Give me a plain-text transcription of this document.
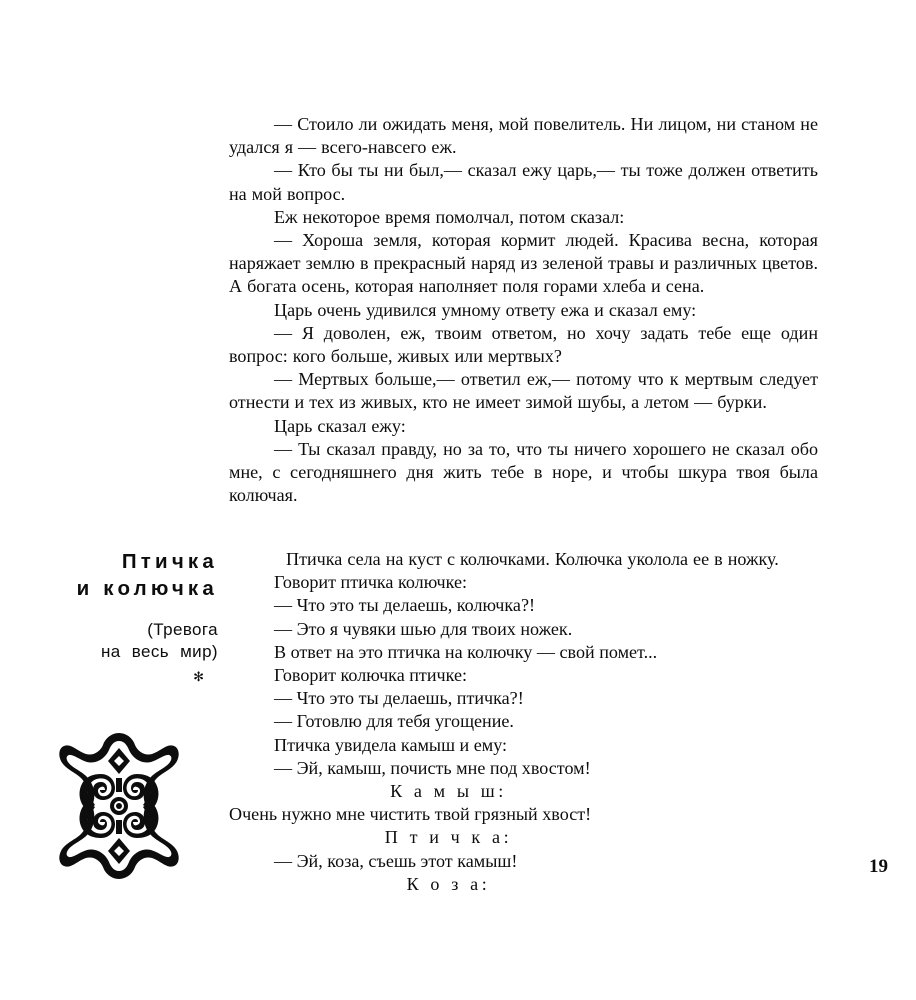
— Стоило ли ожидать меня, мой повелитель. Ни лицом, ни станом не удался я — всего-навсего еж.

— Кто бы ты ни был,— сказал ежу царь,— ты тоже должен ответить на мой вопрос.

Еж некоторое время помолчал, потом сказал:

— Хороша земля, которая кормит людей. Красива весна, которая наряжает землю в прекрасный наряд из зеленой травы и различных цветов. А богата осень, которая наполняет поля горами хлеба и сена.

Царь очень удивился умному ответу ежа и сказал ему:

— Я доволен, еж, твоим ответом, но хочу задать тебе еще один вопрос: кого больше, живых или мертвых?

— Мертвых больше,— ответил еж,— потому что к мертвым следует отнести и тех из живых, кто не имеет зимой шубы, а летом — бурки.

Царь сказал ежу:

— Ты сказал правду, но за то, что ты ничего хорошего не сказал обо мне, с сегодняшнего дня жить тебе в норе, и чтобы шкура твоя была колючая.

Птичка
и колючка

(Тревога
на весь мир)

✻

Птичка села на куст с колючками. Колючка уколола ее в ножку.

Говорит птичка колючке:

— Что это ты делаешь, колючка?!

— Это я чувяки шью для твоих ножек.

В ответ на это птичка на колючку — свой помет...

Говорит колючка птичке:

— Что это ты делаешь, птичка?!

— Готовлю для тебя угощение.

Птичка увидела камыш и ему:

— Эй, камыш, почисть мне под хвостом!

К а м ы ш:

Очень нужно мне чистить твой грязный хвост!

П т и ч к а:

— Эй, коза, съешь этот камыш!

К о з а:

19
